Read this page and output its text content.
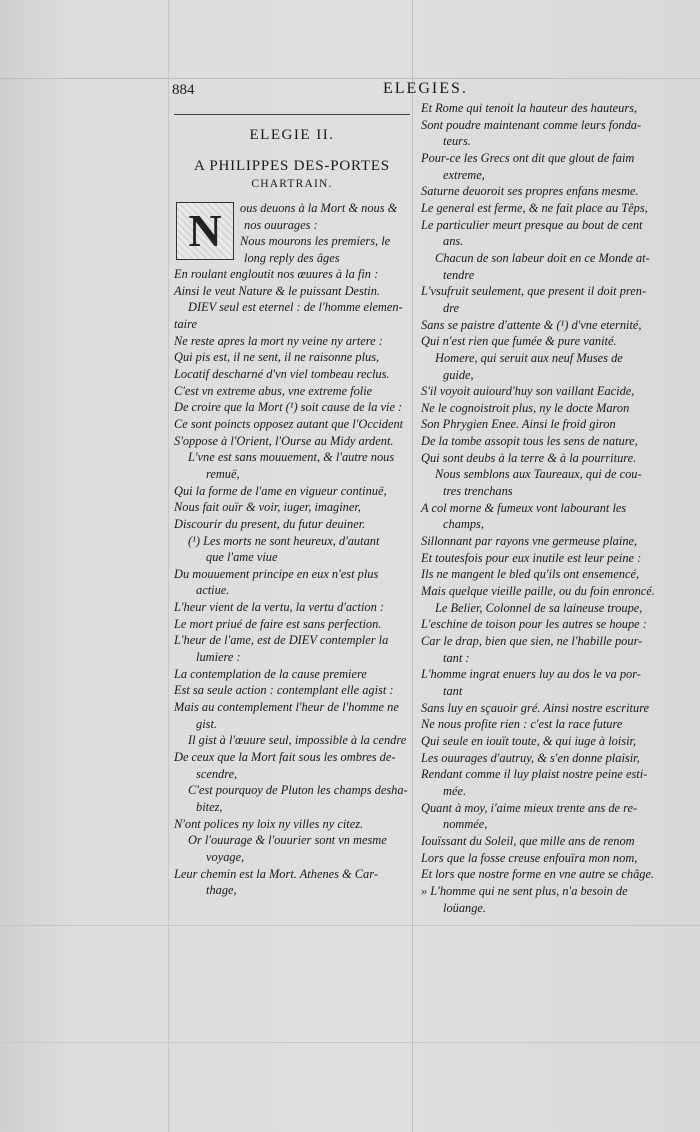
884	ELEGIES.
ELEGIE II.
A PHILIPPES DES-PORTES
CHARTRAIN.
N	ous deuons à la Mort & nous &
nos ouurages :
Nous mourons les premiers, le
long reply des âges
En roulant engloutit nos œuures à la fin :
Ainsi le veut Nature & le puissant Destin.
DIEV seul est eternel : de l'homme elemen-
taire
Ne reste apres la mort ny veine ny artere :
Qui pis est, il ne sent, il ne raisonne plus,
Locatif descharné d'vn viel tombeau reclus.
C'est vn extreme abus, vne extreme folie
De croire que la Mort (¹) soit cause de la vie :
Ce sont poincts opposez autant que l'Occident
S'oppose à l'Orient, l'Ourse au Midy ardent.
L'vne est sans mouuement, & l'autre nous
remuë,
Qui la forme de l'ame en vigueur continuë,
Nous fait ouïr & voir, iuger, imaginer,
Discourir du present, du futur deuiner.
(¹) Les morts ne sont heureux, d'autant
que l'ame viue
Du mouuement principe en eux n'est plus
actiue.
L'heur vient de la vertu, la vertu d'action :
Le mort priué de faire est sans perfection.
L'heur de l'ame, est de DIEV contempler la
lumiere :
La contemplation de la cause premiere
Est sa seule action : contemplant elle agist :
Mais au contemplement l'heur de l'homme ne
gist.
Il gist à l'œuure seul, impossible à la cendre
De ceux que la Mort fait sous les ombres de-
scendre,
C'est pourquoy de Pluton les champs desha-
bitez,
N'ont polices ny loix ny villes ny citez.
Or l'ouurage & l'ouurier sont vn mesme
voyage,
Leur chemin est la Mort. Athenes & Car-
thage,
Et Rome qui tenoit la hauteur des hauteurs,
Sont poudre maintenant comme leurs fonda-
teurs.
Pour-ce les Grecs ont dit que glout de faim
extreme,
Saturne deuoroit ses propres enfans mesme.
Le general est ferme, & ne fait place au Têps,
Le particulier meurt presque au bout de cent
ans.
Chacun de son labeur doit en ce Monde at-
tendre
L'vsufruit seulement, que present il doit pren-
dre
Sans se paistre d'attente & (¹) d'vne eternité,
Qui n'est rien que fumée & pure vanité.
Homere, qui seruit aux neuf Muses de
guide,
S'il voyoit auiourd'huy son vaillant Eacide,
Ne le cognoistroit plus, ny le docte Maron
Son Phrygien Enee. Ainsi le froid giron
De la tombe assopit tous les sens de nature,
Qui sont deubs à la terre & à la pourriture.
Nous semblons aux Taureaux, qui de cou-
tres trenchans
A col morne & fumeux vont labourant les
champs,
Sillonnant par rayons vne germeuse plaine,
Et toutesfois pour eux inutile est leur peine :
Ils ne mangent le bled qu'ils ont ensemencé,
Mais quelque vieille paille, ou du foin enroncé.
Le Belier, Colonnel de sa laineuse troupe,
L'eschine de toison pour les autres se houpe :
Car le drap, bien que sien, ne l'habille pour-
tant :
L'homme ingrat enuers luy au dos le va por-
tant
Sans luy en sçauoir gré. Ainsi nostre escriture
Ne nous profite rien : c'est la race future
Qui seule en iouït toute, & qui iuge à loisir,
Les ouurages d'autruy, & s'en donne plaisir,
Rendant comme il luy plaist nostre peine esti-
mée.
Quant à moy, i'aime mieux trente ans de re-
nommée,
Iouïssant du Soleil, que mille ans de renom
Lors que la fosse creuse enfouïra mon nom,
Et lors que nostre forme en vne autre se châge.
» L'homme qui ne sent plus, n'a besoin de
loüange.
